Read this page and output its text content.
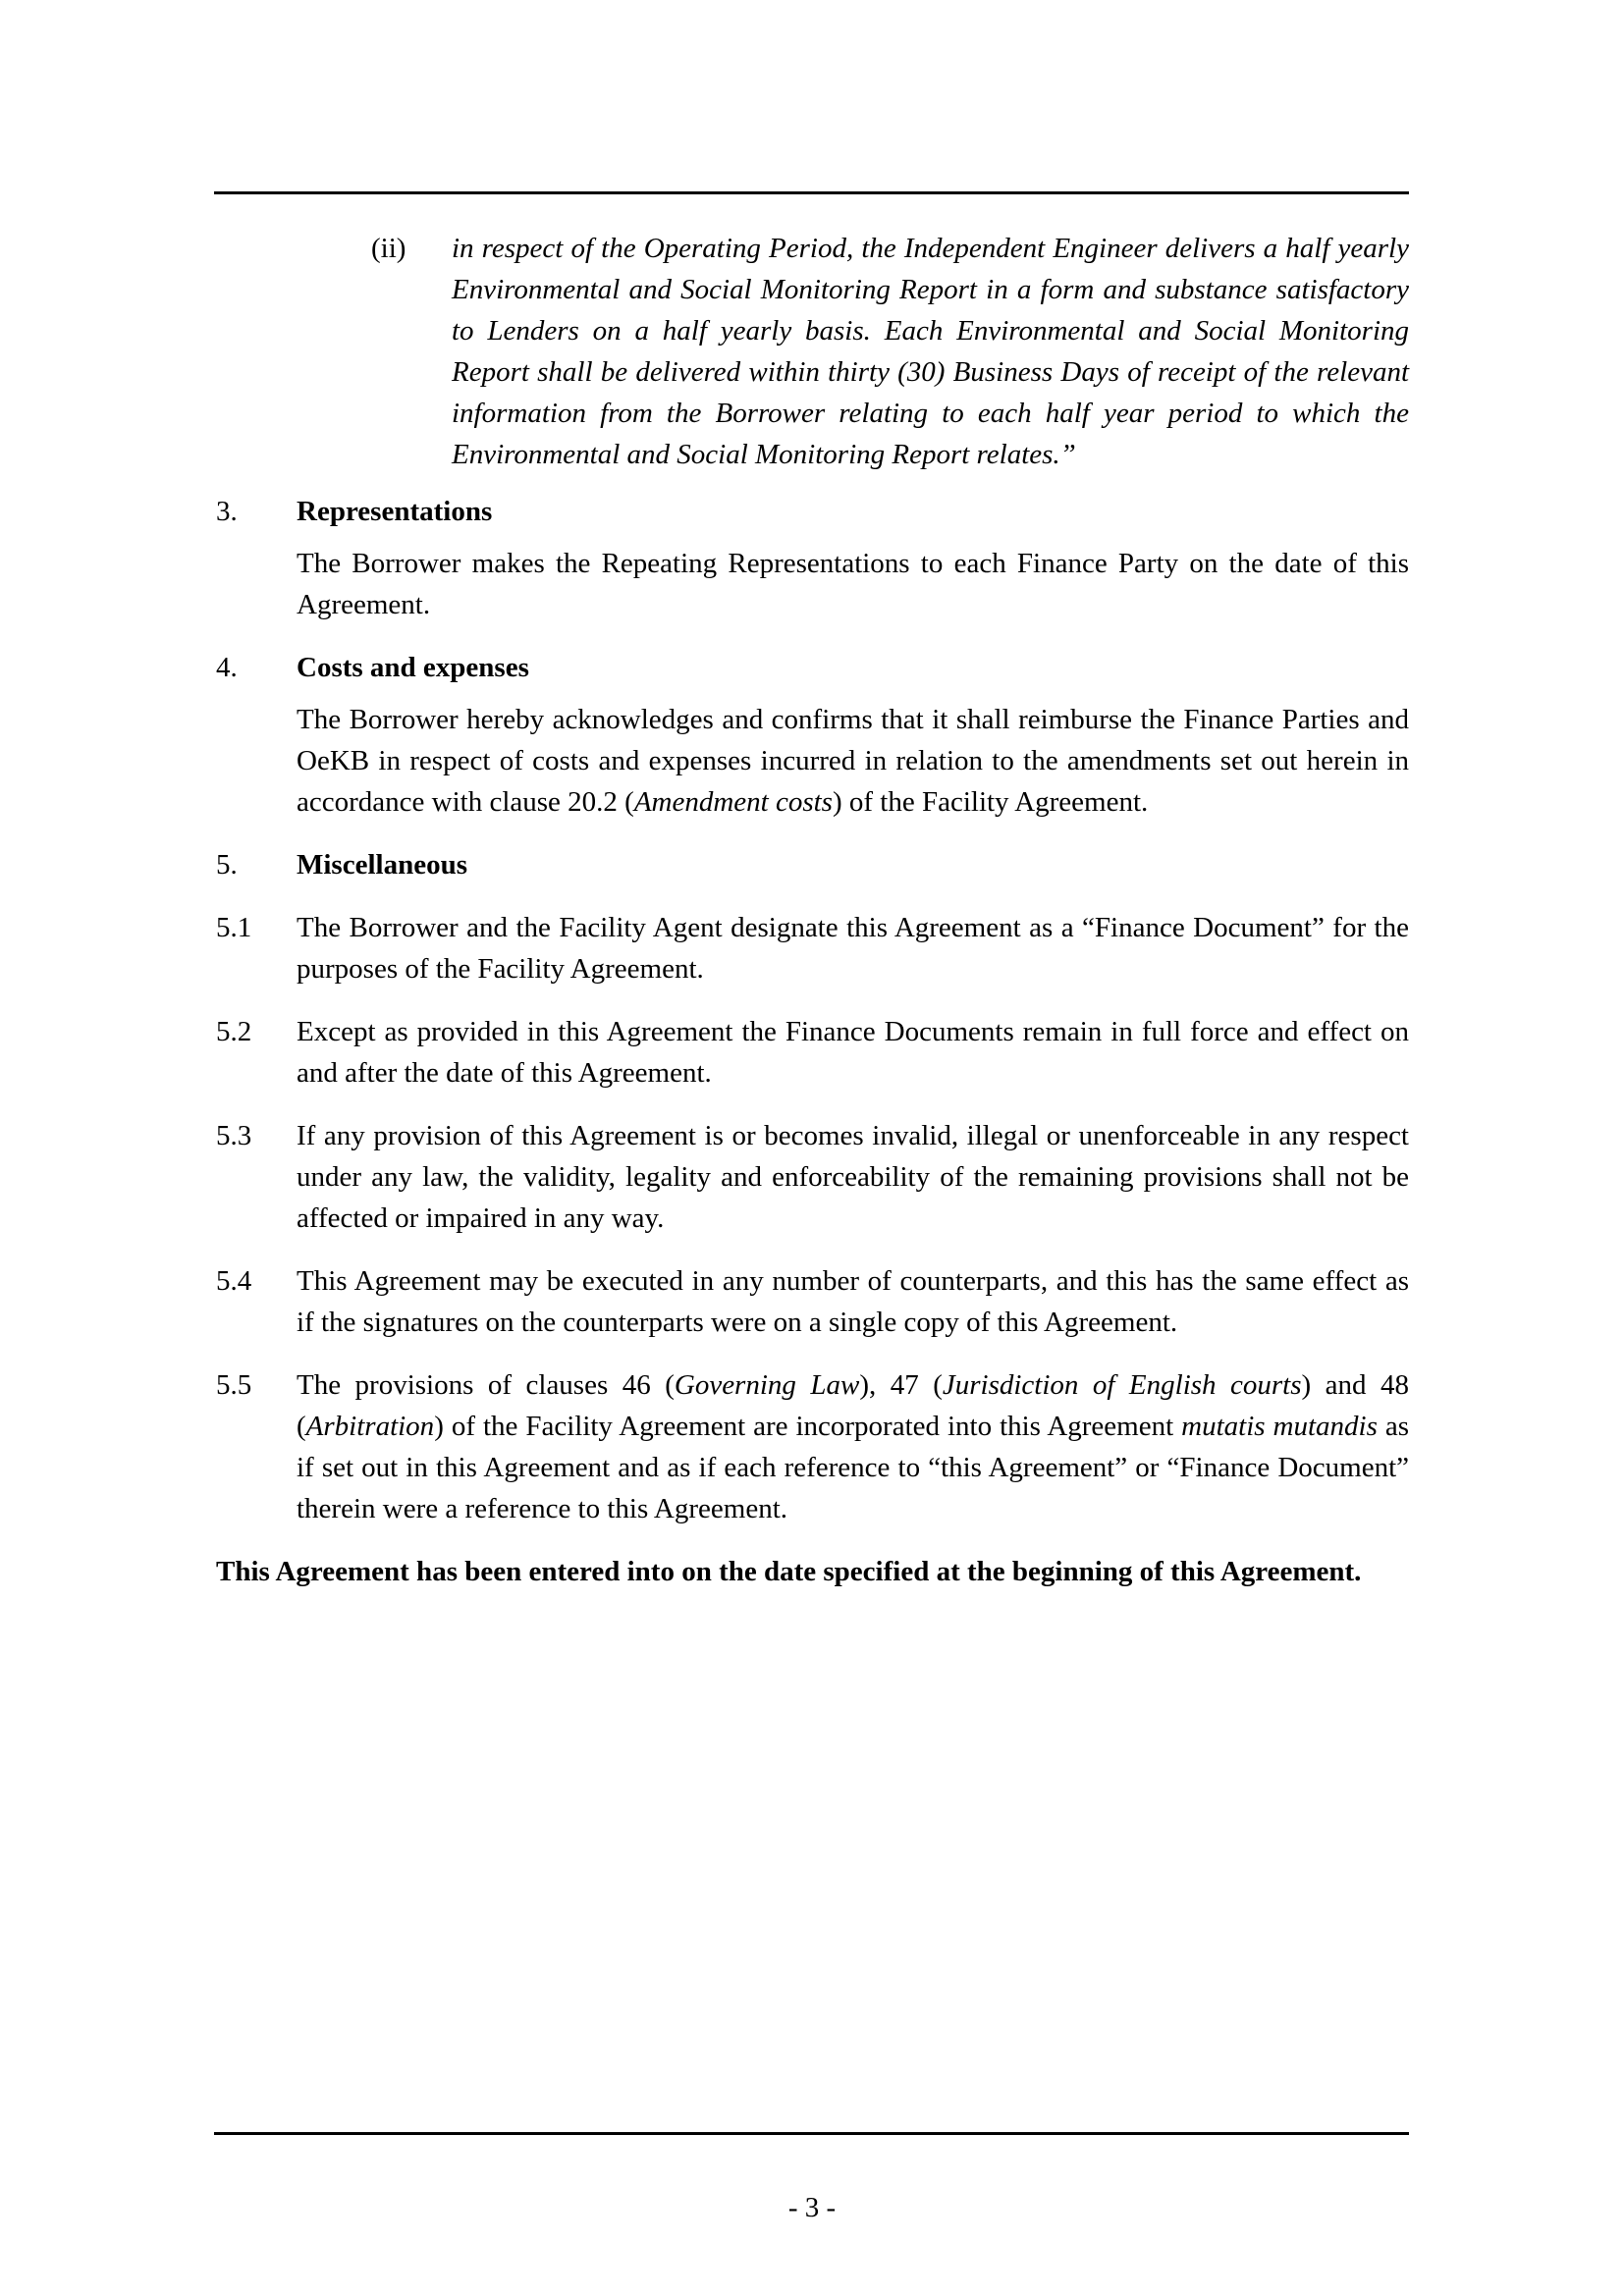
(ii)	in respect of the Operating Period, the Independent Engineer delivers a half yearly Environmental and Social Monitoring Report in a form and substance satisfactory to Lenders on a half yearly basis. Each Environmental and Social Monitoring Report shall be delivered within thirty (30) Business Days of receipt of the relevant information from the Borrower relating to each half year period to which the Environmental and Social Monitoring Report relates.”
3.	Representations

The Borrower makes the Repeating Representations to each Finance Party on the date of this Agreement.

4.	Costs and expenses

The Borrower hereby acknowledges and confirms that it shall reimburse the Finance Parties and OeKB in respect of costs and expenses incurred in relation to the amendments set out herein in accordance with clause 20.2 (Amendment costs) of the Facility Agreement.

5.	Miscellaneous
5.1	The Borrower and the Facility Agent designate this Agreement as a “Finance Document” for the purposes of the Facility Agreement.

5.2	Except as provided in this Agreement the Finance Documents remain in full force and effect on and after the date of this Agreement.

5.3	If any provision of this Agreement is or becomes invalid, illegal or unenforceable in any respect under any law, the validity, legality and enforceability of the remaining provisions shall not be affected or impaired in any way.

5.4	This Agreement may be executed in any number of counterparts, and this has the same effect as if the signatures on the counterparts were on a single copy of this Agreement.

5.5	The provisions of clauses 46 (Governing Law), 47 (Jurisdiction of English courts) and 48 (Arbitration) of the Facility Agreement are incorporated into this Agreement mutatis mutandis as if set out in this Agreement and as if each reference to “this Agreement” or “Finance Document” therein were a reference to this Agreement.

This Agreement has been entered into on the date specified at the beginning of this Agreement.

- 3 -
